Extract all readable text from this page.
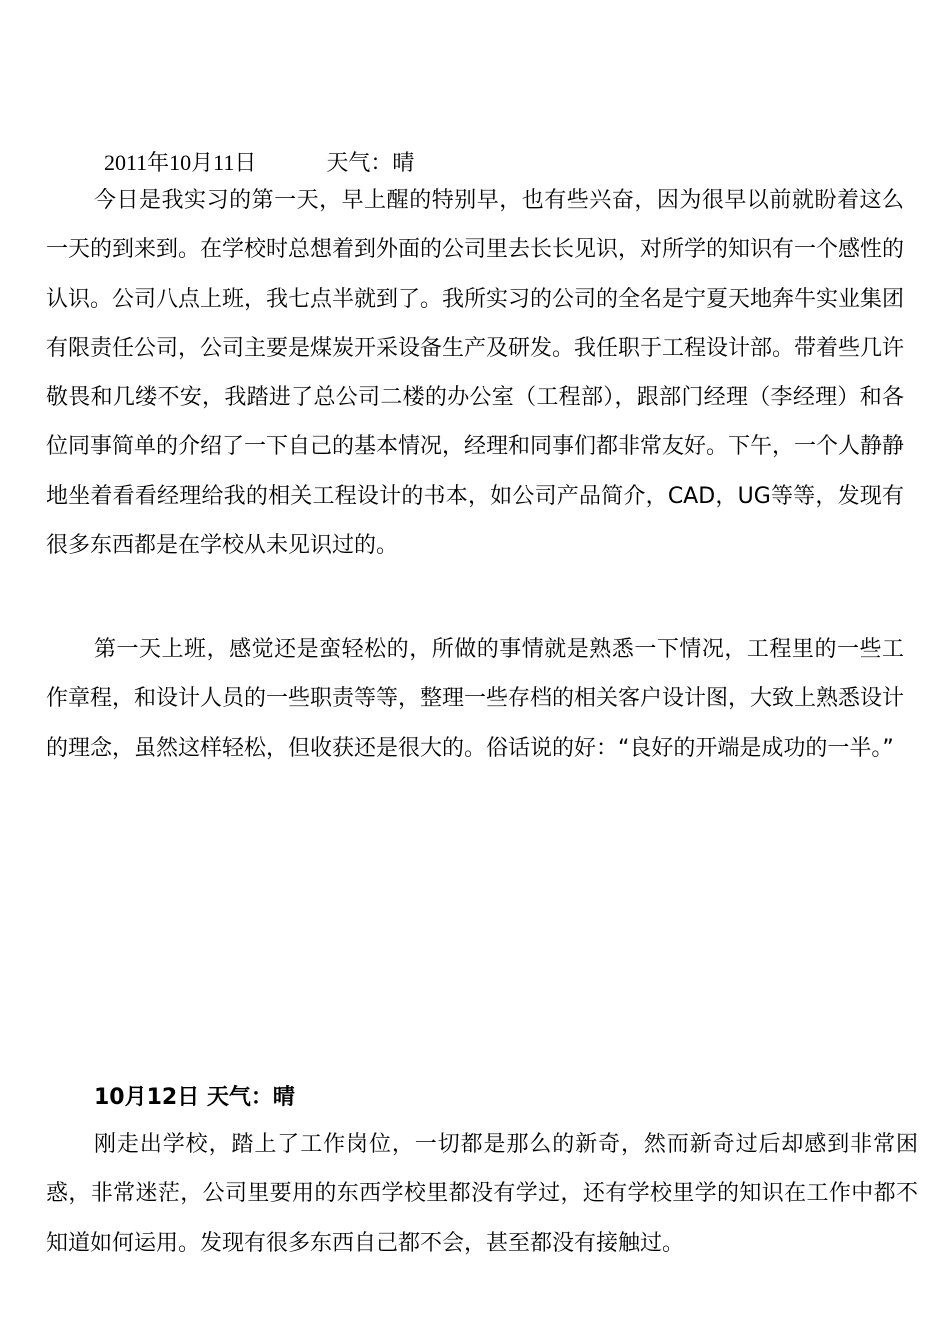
2011年10月11日	天气：晴

今日是我实习的第一天，早上醒的特别早，也有些兴奋，因为很早以前就盼着这么一天的到来到。在学校时总想着到外面的公司里去长长见识，对所学的知识有一个感性的认识。公司八点上班，我七点半就到了。我所实习的公司的全名是宁夏天地奔牛实业集团有限责任公司，公司主要是煤炭开采设备生产及研发。我任职于工程设计部。带着些几许敬畏和几缕不安，我踏进了总公司二楼的办公室（工程部），跟部门经理（李经理）和各位同事简单的介绍了一下自己的基本情况，经理和同事们都非常友好。下午，一个人静静地坐着看看经理给我的相关工程设计的书本，如公司产品简介，CAD，UG等等，发现有很多东西都是在学校从未见识过的。

第一天上班，感觉还是蛮轻松的，所做的事情就是熟悉一下情况，工程里的一些工作章程，和设计人员的一些职责等等，整理一些存档的相关客户设计图，大致上熟悉设计的理念，虽然这样轻松，但收获还是很大的。俗话说的好：“良好的开端是成功的一半。”

10月12日 天气：晴

刚走出学校，踏上了工作岗位，一切都是那么的新奇，然而新奇过后却感到非常困惑，非常迷茫，公司里要用的东西学校里都没有学过，还有学校里学的知识在工作中都不知道如何运用。发现有很多东西自己都不会，甚至都没有接触过。
